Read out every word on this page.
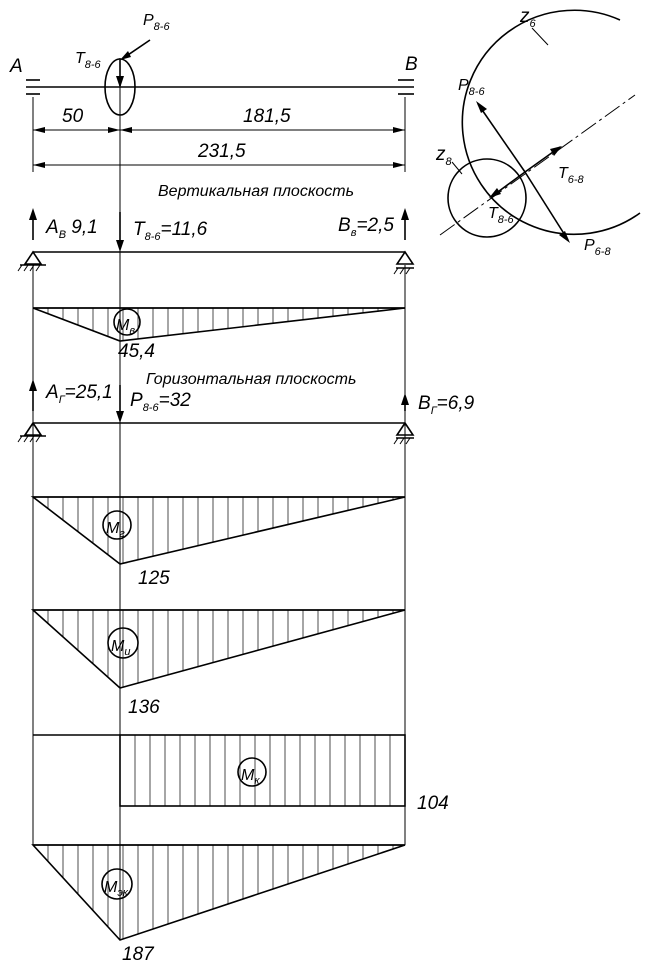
A	B
$T_{8-6}$
$P_{8-6}$
50	181,5
231,5
$z_6$
$z_8$
$P_{8-6}$
$T_{6-8}$
$T_{8-6}$
$P_{6-8}$
Вертикальная плоскость
$A_В$ 9,1 $T_{8-6}=11,6$	$B_в=2,5$
$M_в$
45,4
Горизонтальная плоскость
$A_Г=25,1$ $P_{8-6}=32$	$B_Г=6,9$
$M_г$
125
$M_и$
136
$M_к$
104
$M_{эк}$
187
